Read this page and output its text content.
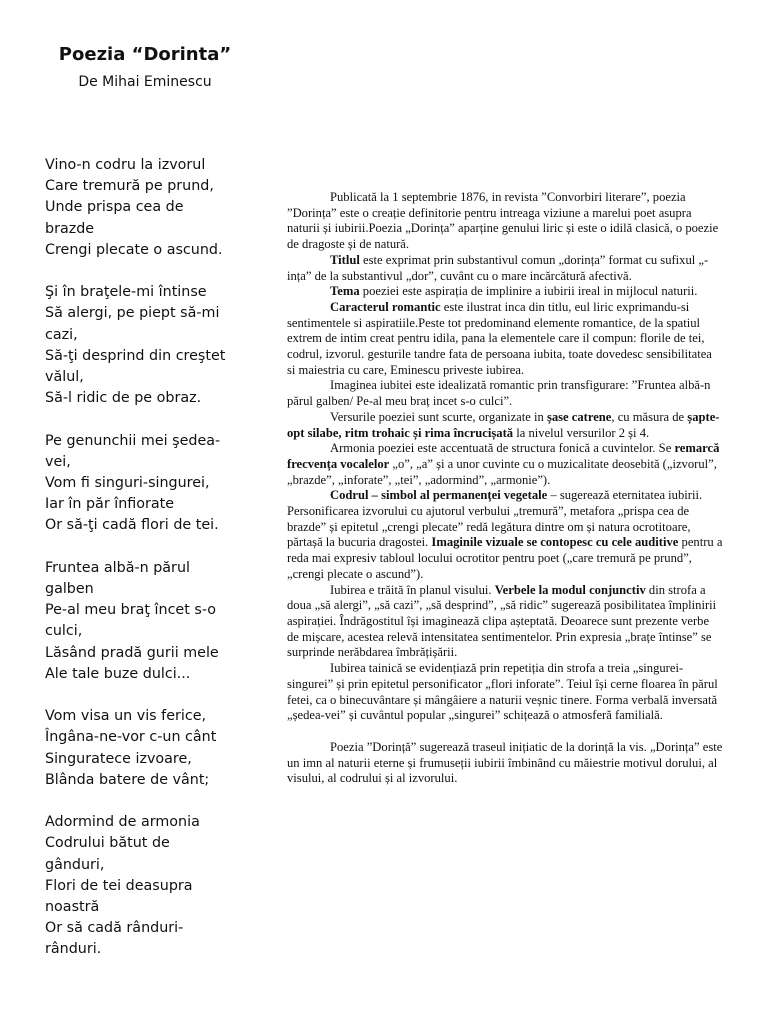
Poezia “Dorinta”
De Mihai Eminescu
Vino-n codru la izvorul
Care tremură pe prund,
Unde prispa cea de
brazde
Crengi plecate o ascund.
Şi în braţele-mi întinse
Să alergi, pe piept să-mi
cazi,
Să-ţi desprind din creştet
vălul,
Să-l ridic de pe obraz.
Pe genunchii mei şedea-
vei,
Vom fi singuri-singurei,
Iar în păr înfiorate
Or să-ţi cadă flori de tei.
Fruntea albă-n părul
galben
Pe-al meu braţ încet s-o
culci,
Lăsând pradă gurii mele
Ale tale buze dulci...
Vom visa un vis ferice,
Îngâna-ne-vor c-un cânt
Singuratece izvoare,
Blânda batere de vânt;
Adormind de armonia
Codrului bătut de
gânduri,
Flori de tei deasupra
noastră
Or să cadă rânduri-
rânduri.

Publicată la 1 septembrie 1876, in revista ”Convorbiri literare”, poezia ”Dorința” este o creație definitorie pentru intreaga viziune a marelui poet asupra naturii și iubirii.Poezia „Dorința” aparține genului liric și este o idilă clasică, o poezie de dragoste și de natură.

Titlul este exprimat prin substantivul comun „dorința” format cu sufixul „-ința” de la substantivul „dor”, cuvânt cu o mare incărcătură afectivă.

Tema poeziei este aspirația de implinire a iubirii ireal in mijlocul naturii.

Caracterul romantic este ilustrat inca din titlu, eul liric exprimandu-si sentimentele si aspiratiile.Peste tot predominand elemente romantice, de la spatiul extrem de intim creat pentru idila, pana la elementele care il compun: florile de tei, codrul, izvorul. gesturile tandre fata de persoana iubita, toate dovedesc sensibilitatea si maiestria cu care, Eminescu priveste iubirea.

Imaginea iubitei este idealizată romantic prin transfigurare: ”Fruntea albă-n părul galben/ Pe-al meu braț incet s-o culci”.

Versurile poeziei sunt scurte, organizate in șase catrene, cu măsura de șapte-opt silabe, ritm trohaic și rima încrucișată la nivelul versurilor 2 și 4.

Armonia poeziei este accentuată de structura fonică a cuvintelor. Se remarcă frecvența vocalelor „o”, „a” și a unor cuvinte cu o muzicalitate deosebită („izvorul”, „brazde”, „inforate”, „tei”, „adormind”, „armonie”).

Codrul – simbol al permanenței vegetale – sugerează eternitatea iubirii. Personificarea izvorului cu ajutorul verbului „tremură”, metafora „prispa cea de brazde” și epitetul „crengi plecate” redă legătura dintre om și natura ocrotitoare, părtașă la bucuria dragostei. Imaginile vizuale se contopesc cu cele auditive pentru a reda mai expresiv tabloul locului ocrotitor pentru poet („care tremură pe prund”, „crengi plecate o ascund”).

Iubirea e trăită în planul visului. Verbele la modul conjunctiv din strofa a doua „să alergi”, „să cazi”, „să desprind”, „să ridic” sugerează posibilitatea împlinirii aspirației. Îndrăgostitul își imaginează clipa așteptată. Deoarece sunt prezente verbe de mișcare, acestea relevă intensitatea sentimentelor. Prin expresia „brațe întinse” se surprinde nerăbdarea îmbrățișării.

Iubirea tainică se evidențiază prin repetiția din strofa a treia „singurei-singurei” și prin epitetul personificator „flori inforate”. Teiul își cerne floarea în părul fetei, ca o binecuvântare și mângâiere a naturii veșnic tinere. Forma verbală inversată „ședea-vei” și cuvântul popular „singurei” schițează o atmosferă familială.

Poezia ”Dorință” sugerează traseul inițiatic de la dorință la vis. „Dorința” este un imn al naturii eterne și frumuseții iubirii îmbinând cu măiestrie motivul dorului, al visului, al codrului și al izvorului.
